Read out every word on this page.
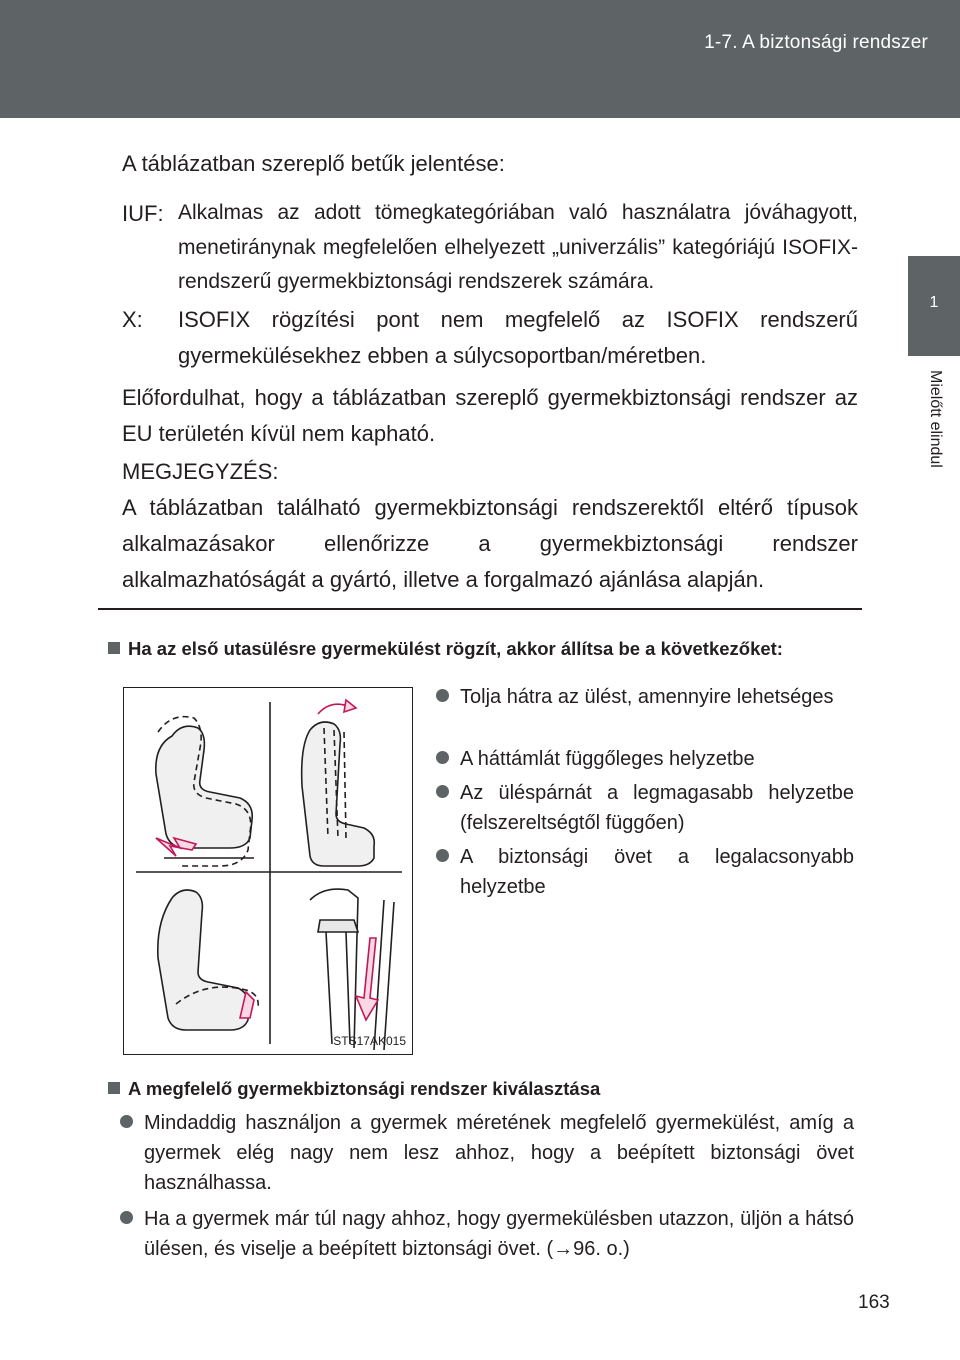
1-7. A biztonsági rendszer
1
Mielőtt elindul

A táblázatban szereplő betűk jelentése:

IUF: Alkalmas az adott tömegkategóriában való használatra jóváhagyott, menetiránynak megfelelően elhelyezett „univerzális” kategóriájú ISOFIX-rendszerű gyermekbiztonsági rendszerek számára.
X: ISOFIX rögzítési pont nem megfelelő az ISOFIX rendszerű gyermekülésekhez ebben a súlycsoportban/méretben.

Előfordulhat, hogy a táblázatban szereplő gyermekbiztonsági rendszer az EU területén kívül nem kapható.

MEGJEGYZÉS:

A táblázatban található gyermekbiztonsági rendszerektől eltérő típusok alkalmazásakor ellenőrizze a gyermekbiztonsági rendszer alkalmazhatóságát a gyártó, illetve a forgalmazó ajánlása alapján.

Ha az első utasülésre gyermekülést rögzít, akkor állítsa be a következőket:
STS17AK015
Tolja hátra az ülést, amennyire lehetséges
A háttámlát függőleges helyzetbe
Az üléspárnát a legmagasabb helyzetbe (felszereltségtől függően)
A biztonsági övet a legalacsonyabb helyzetbe
A megfelelő gyermekbiztonsági rendszer kiválasztása
Mindaddig használjon a gyermek méretének megfelelő gyermekülést, amíg a gyermek elég nagy nem lesz ahhoz, hogy a beépített biztonsági övet használhassa.
Ha a gyermek már túl nagy ahhoz, hogy gyermekülésben utazzon, üljön a hátsó ülésen, és viselje a beépített biztonsági övet. (→96. o.)
163
